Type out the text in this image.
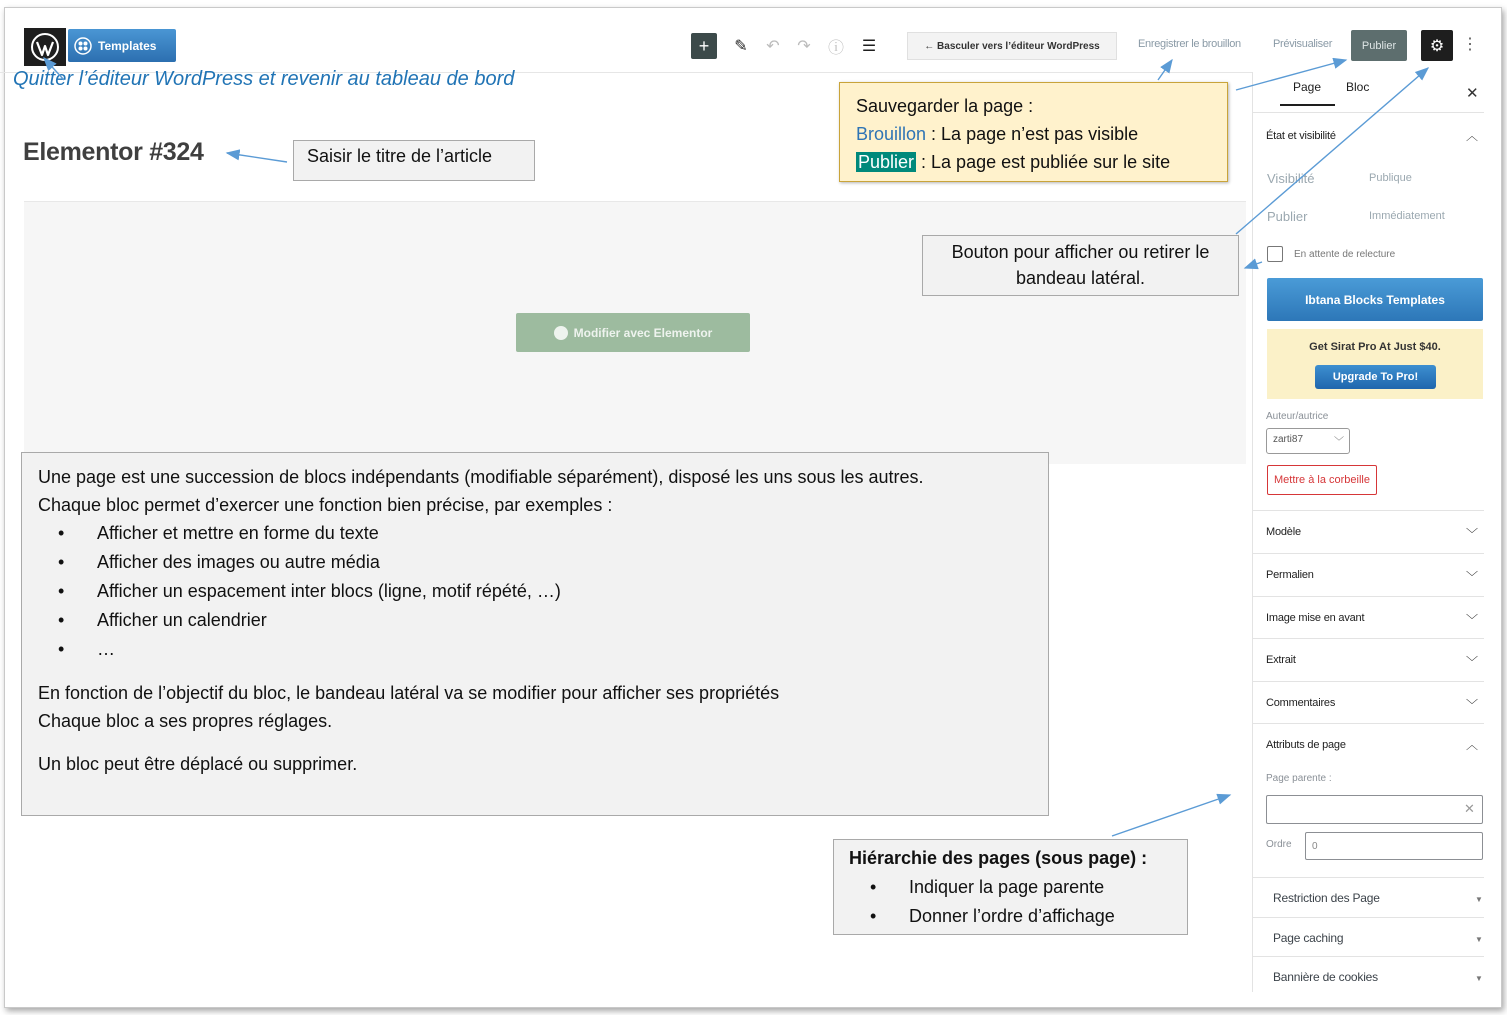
Templates	+ ✎ ↶ ↷ ⓘ ☰	← Basculer vers l’éditeur WordPress	Enregistrer le brouillon	Prévisualiser	Publier	⚙ ⋮
Quitter l’éditeur WordPress et revenir au tableau de bord
Elementor #324
Modifier avec Elementor
Page Bloc	✕
État et visibilité	︿
Visibilité	Publique
Publier	Immédiatement
En attente de relecture
Ibtana Blocks Templates
Get Sirat Pro At Just $40.
Upgrade To Pro!
Auteur/autrice
zarti87	﹀
Mettre à la corbeille
Modèle	﹀
Permalien	﹀
Image mise en avant	﹀
Extrait	﹀
Commentaires	﹀
Attributs de page	︿
Page parente :
✕
Ordre	0
Restriction des Page	▼
Page caching	▼
Bannière de cookies	▼
Saisir le titre de l’article
Sauvegarder la page :
Brouillon : La page n’est pas visible
Publier : La page est publiée sur le site
Bouton pour afficher ou retirer le bandeau latéral.

Une page est une succession de blocs indépendants (modifiable séparément), disposé les uns sous les autres.

Chaque bloc permet d’exercer une fonction bien précise, par exemples :

• Afficher et mettre en forme du texte
• Afficher des images ou autre média
• Afficher un espacement inter blocs (ligne, motif répété, …)
• Afficher un calendrier
• …

En fonction de l’objectif du bloc, le bandeau latéral va se modifier pour afficher ses propriétés

Chaque bloc a ses propres réglages.

Un bloc peut être déplacé ou supprimer.

Hiérarchie des pages (sous page) :
• Indiquer la page parente
• Donner l’ordre d’affichage
